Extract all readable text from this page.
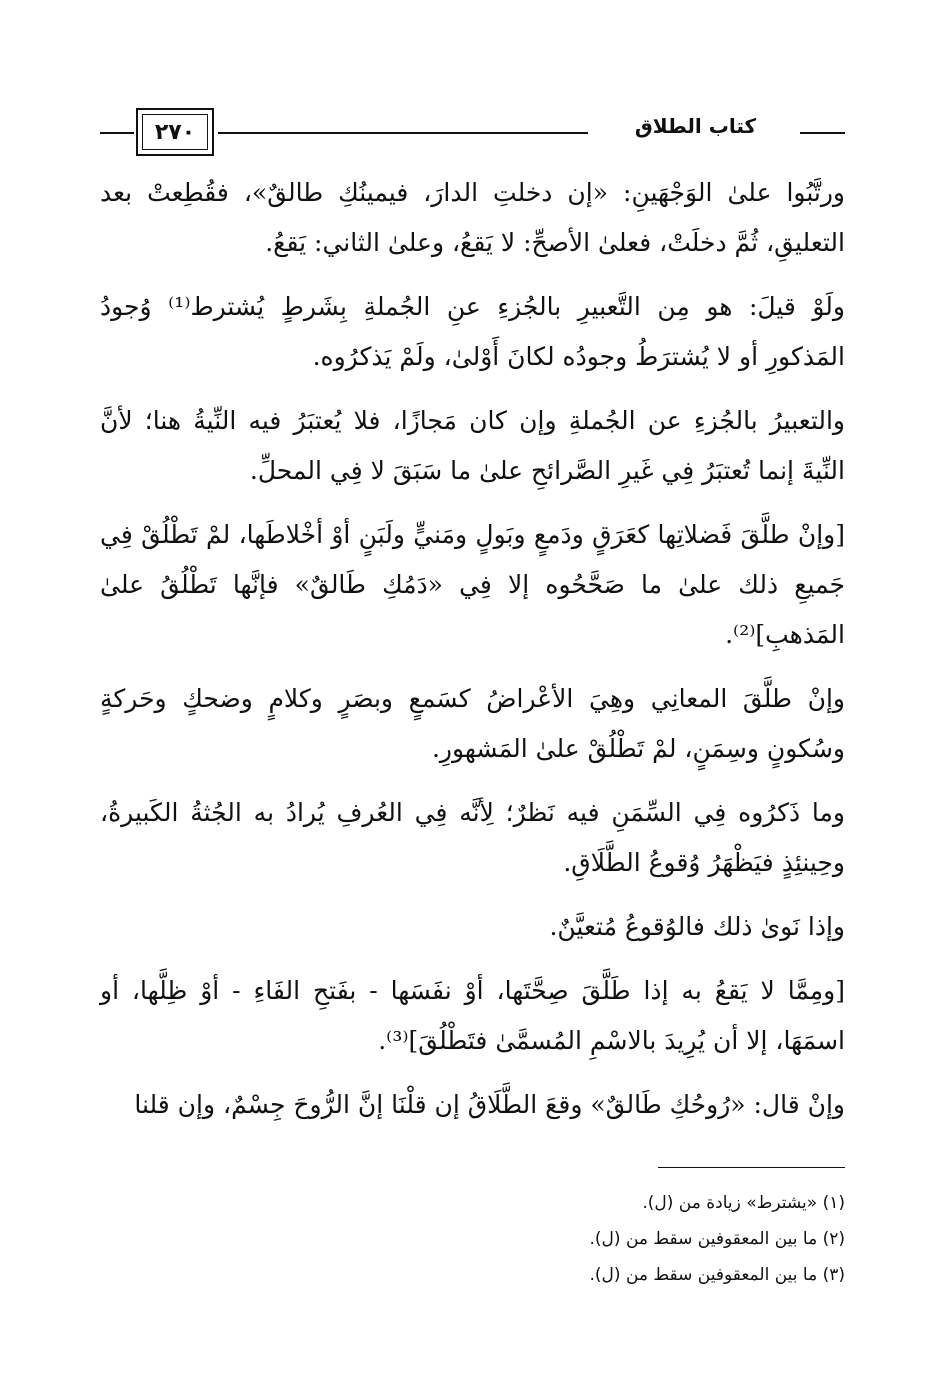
٢٧٠	كتاب الطلاق

ورتَّبُوا علىٰ الوَجْهَينِ: «إن دخلتِ الدارَ، فيمينُكِ طالقٌ»، فقُطِعتْ بعد التعليقِ، ثُمَّ دخلَتْ، فعلىٰ الأصحِّ: لا يَقعُ، وعلىٰ الثاني: يَقعُ.

ولَوْ قيلَ: هو مِن التَّعبيرِ بالجُزءِ عنِ الجُملةِ بِشَرطٍ يُشترط⁽¹⁾ وُجودُ المَذكورِ أو لا يُشترَطُ وجودُه لكانَ أَوْلىٰ، ولَمْ يَذكرُوه.

والتعبيرُ بالجُزءِ عن الجُملةِ وإن كان مَجازًا، فلا يُعتبَرُ فيه النِّيةُ هنا؛ لأنَّ النِّيةَ إنما تُعتبَرُ فِي غَيرِ الصَّرائحِ علىٰ ما سَبَقَ لا فِي المحلِّ.

[وإنْ طلَّقَ فَضلاتِها كعَرَقٍ ودَمعٍ وبَولٍ ومَنيٍّ ولَبَنٍ أوْ أخْلاطَها، لمْ تَطْلُقْ فِي جَميعِ ذلك علىٰ ما صَحَّحُوه إلا فِي «دَمُكِ طَالقٌ» فإنَّها تَطْلُقُ علىٰ المَذهبِ]⁽²⁾.

وإنْ طلَّقَ المعانِي وهِيَ الأعْراضُ كسَمعٍ وبصَرٍ وكلامٍ وضحكٍ وحَركةٍ وسُكونٍ وسِمَنٍ، لمْ تَطْلُقْ علىٰ المَشهورِ.

وما ذَكرُوه فِي السِّمَنِ فيه نَظرٌ؛ لِأنَّه فِي العُرفِ يُرادُ به الجُثةُ الكَبيرةُ، وحِينئِذٍ فيَظْهَرُ وُقوعُ الطَّلَاقِ.

وإذا نَوىٰ ذلك فالوُقوعُ مُتعيَّنٌ.

[ومِمَّا لا يَقعُ به إذا طَلَّقَ صِحَّتَها، أوْ نفَسَها - بفَتحِ الفَاءِ - أوْ ظِلَّها، أو اسمَهَا، إلا أن يُرِيدَ بالاسْمِ المُسمَّىٰ فتَطْلُقَ]⁽³⁾.

وإنْ قال: «رُوحُكِ طَالقٌ» وقعَ الطَّلَاقُ إن قلْنَا إنَّ الرُّوحَ جِسْمٌ، وإن قلنا

(١) «يشترط» زيادة من (ل).
(٢) ما بين المعقوفين سقط من (ل).
(٣) ما بين المعقوفين سقط من (ل).
